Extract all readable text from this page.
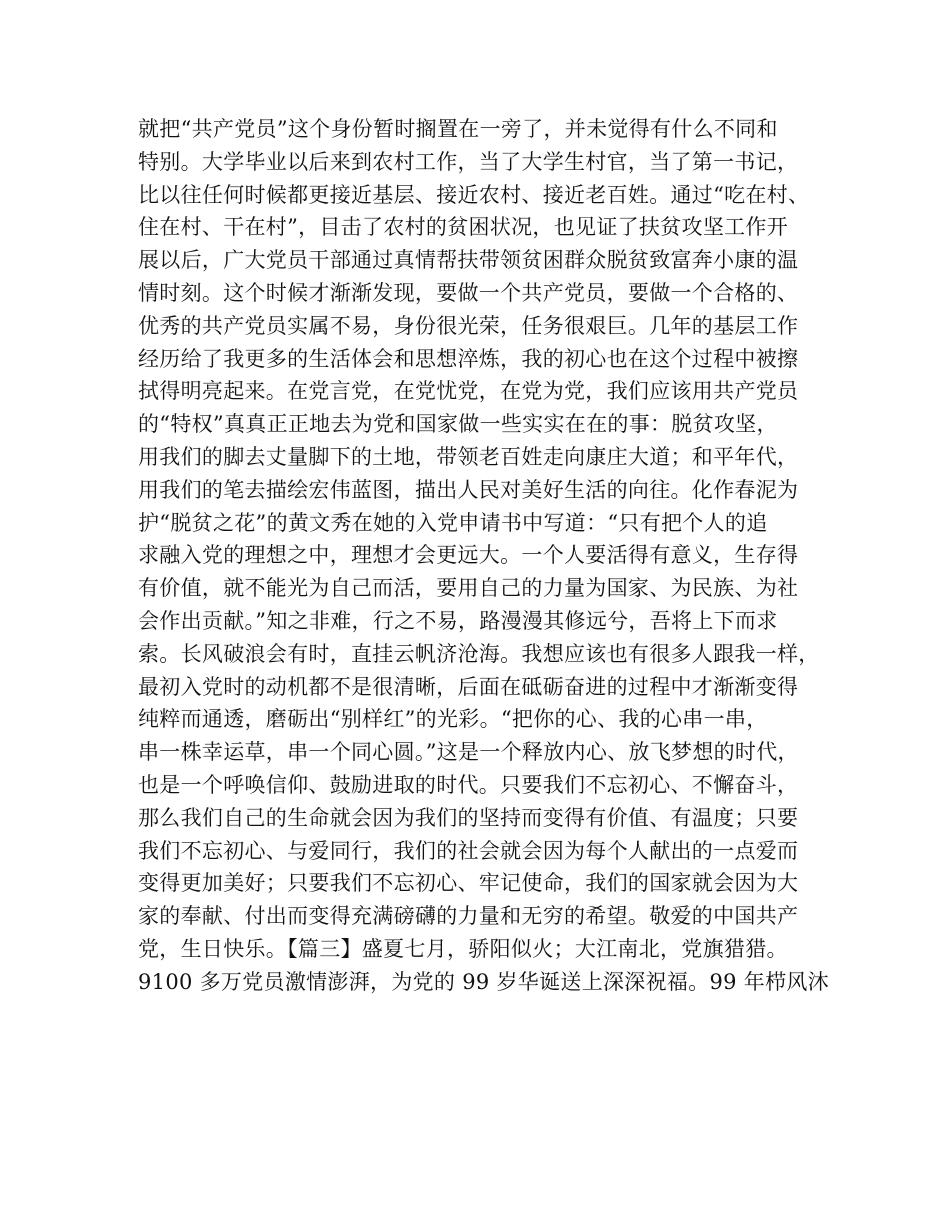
就把“共产党员”这个身份暂时搁置在一旁了，并未觉得有什么不同和
特别。大学毕业以后来到农村工作，当了大学生村官，当了第一书记，
比以往任何时候都更接近基层、接近农村、接近老百姓。通过“吃在村、
住在村、干在村”，目击了农村的贫困状况，也见证了扶贫攻坚工作开
展以后，广大党员干部通过真情帮扶带领贫困群众脱贫致富奔小康的温
情时刻。这个时候才渐渐发现，要做一个共产党员，要做一个合格的、
优秀的共产党员实属不易，身份很光荣，任务很艰巨。几年的基层工作
经历给了我更多的生活体会和思想淬炼，我的初心也在这个过程中被擦
拭得明亮起来。在党言党，在党忧党，在党为党，我们应该用共产党员
的“特权”真真正正地去为党和国家做一些实实在在的事：脱贫攻坚，
用我们的脚去丈量脚下的土地，带领老百姓走向康庄大道；和平年代，
用我们的笔去描绘宏伟蓝图，描出人民对美好生活的向往。化作春泥为
护“脱贫之花”的黄文秀在她的入党申请书中写道：“只有把个人的追
求融入党的理想之中，理想才会更远大。一个人要活得有意义，生存得
有价值，就不能光为自己而活，要用自己的力量为国家、为民族、为社
会作出贡献。”知之非难，行之不易，路漫漫其修远兮，吾将上下而求
索。长风破浪会有时，直挂云帆济沧海。我想应该也有很多人跟我一样，
最初入党时的动机都不是很清晰，后面在砥砺奋进的过程中才渐渐变得
纯粹而通透，磨砺出“别样红”的光彩。“把你的心、我的心串一串，
串一株幸运草，串一个同心圆。”这是一个释放内心、放飞梦想的时代，
也是一个呼唤信仰、鼓励进取的时代。只要我们不忘初心、不懈奋斗，
那么我们自己的生命就会因为我们的坚持而变得有价值、有温度；只要
我们不忘初心、与爱同行，我们的社会就会因为每个人献出的一点爱而
变得更加美好；只要我们不忘初心、牢记使命，我们的国家就会因为大
家的奉献、付出而变得充满磅礴的力量和无穷的希望。敬爱的中国共产
党，生日快乐。【篇三】盛夏七月，骄阳似火；大江南北，党旗猎猎。
9100 多万党员激情澎湃，为党的 99 岁华诞送上深深祝福。99 年栉风沐
